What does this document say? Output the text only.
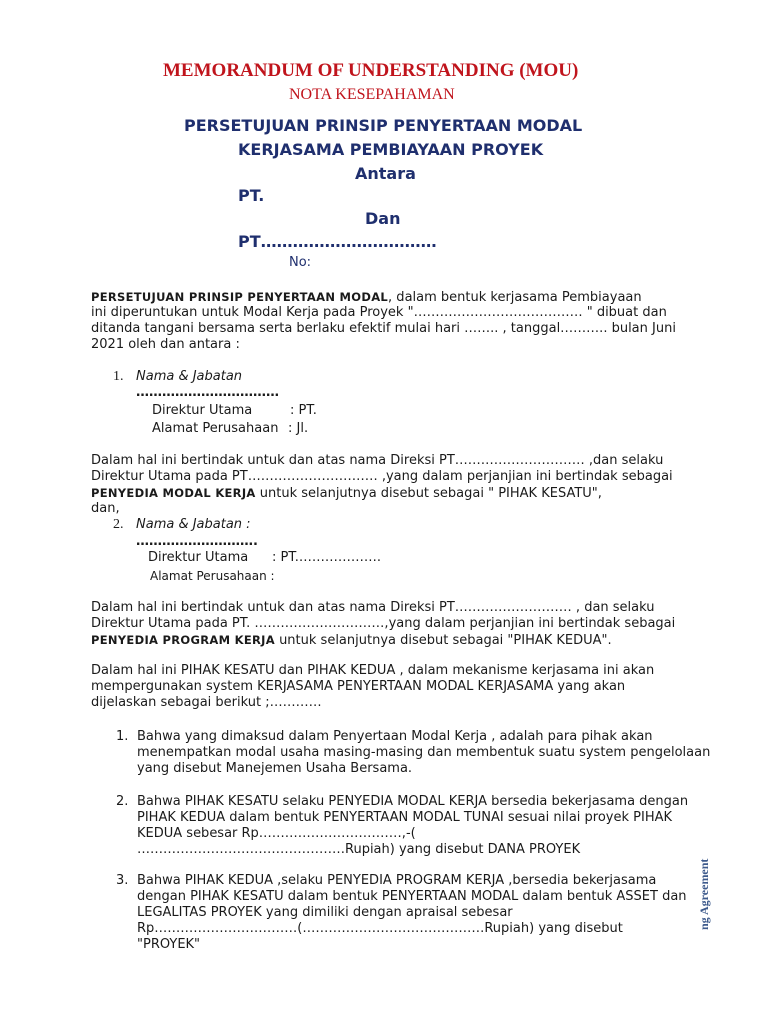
MEMORANDUM OF UNDERSTANDING (MOU)
NOTA KESEPAHAMAN
PERSETUJUAN PRINSIP PENYERTAAN MODAL
KERJASAMA PEMBIAYAAN PROYEK
Antara
PT.
Dan
PT……………………………
No:
PERSETUJUAN PRINSIP PENYERTAAN MODAL, dalam bentuk kerjasama Pembiayaan
ini diperuntukan untuk Modal Kerja pada Proyek "………………………………… " dibuat dan
ditanda tangani bersama serta berlaku efektif mulai hari …….. , tanggal……….. bulan Juni
2021 oleh dan antara :
1. Nama & Jabatan
……………………………
Direktur Utama	: PT.
Alamat Perusahaan : Jl.
Dalam hal ini bertindak untuk dan atas nama Direksi PT………………………… ,dan selaku
Direktur Utama pada PT………………………… ,yang dalam perjanjian ini bertindak sebagai
PENYEDIA MODAL KERJA untuk selanjutnya disebut sebagai " PIHAK KESATU",
dan,
2. Nama & Jabatan :
……………………….
Direktur Utama : PT.……………….
Alamat Perusahaan :
Dalam hal ini bertindak untuk dan atas nama Direksi PT……………………… , dan selaku
Direktur Utama pada PT. …………………………,yang dalam perjanjian ini bertindak sebagai
PENYEDIA PROGRAM KERJA untuk selanjutnya disebut sebagai "PIHAK KEDUA".
Dalam hal ini PIHAK KESATU dan PIHAK KEDUA , dalam mekanisme kerjasama ini akan
mempergunakan system KERJASAMA PENYERTAAN MODAL KERJASAMA yang akan
dijelaskan sebagai berikut ;…………
1. Bahwa yang dimaksud dalam Penyertaan Modal Kerja , adalah para pihak akan
menempatkan modal usaha masing-masing dan membentuk suatu system pengelolaan
yang disebut Manejemen Usaha Bersama.
2. Bahwa PIHAK KESATU selaku PENYEDIA MODAL KERJA bersedia bekerjasama dengan
PIHAK KEDUA dalam bentuk PENYERTAAN MODAL TUNAI sesuai nilai proyek PIHAK
KEDUA sebesar Rp……………………………,-(
…………………………………………Rupiah) yang disebut DANA PROYEK
3. Bahwa PIHAK KEDUA ,selaku PENYEDIA PROGRAM KERJA ,bersedia bekerjasama
dengan PIHAK KESATU dalam bentuk PENYERTAAN MODAL dalam bentuk ASSET dan
LEGALITAS PROYEK yang dimiliki dengan apraisal sebesar
Rp……………………………(……………………………………Rupiah) yang disebut
"PROYEK"
ng Agreement
